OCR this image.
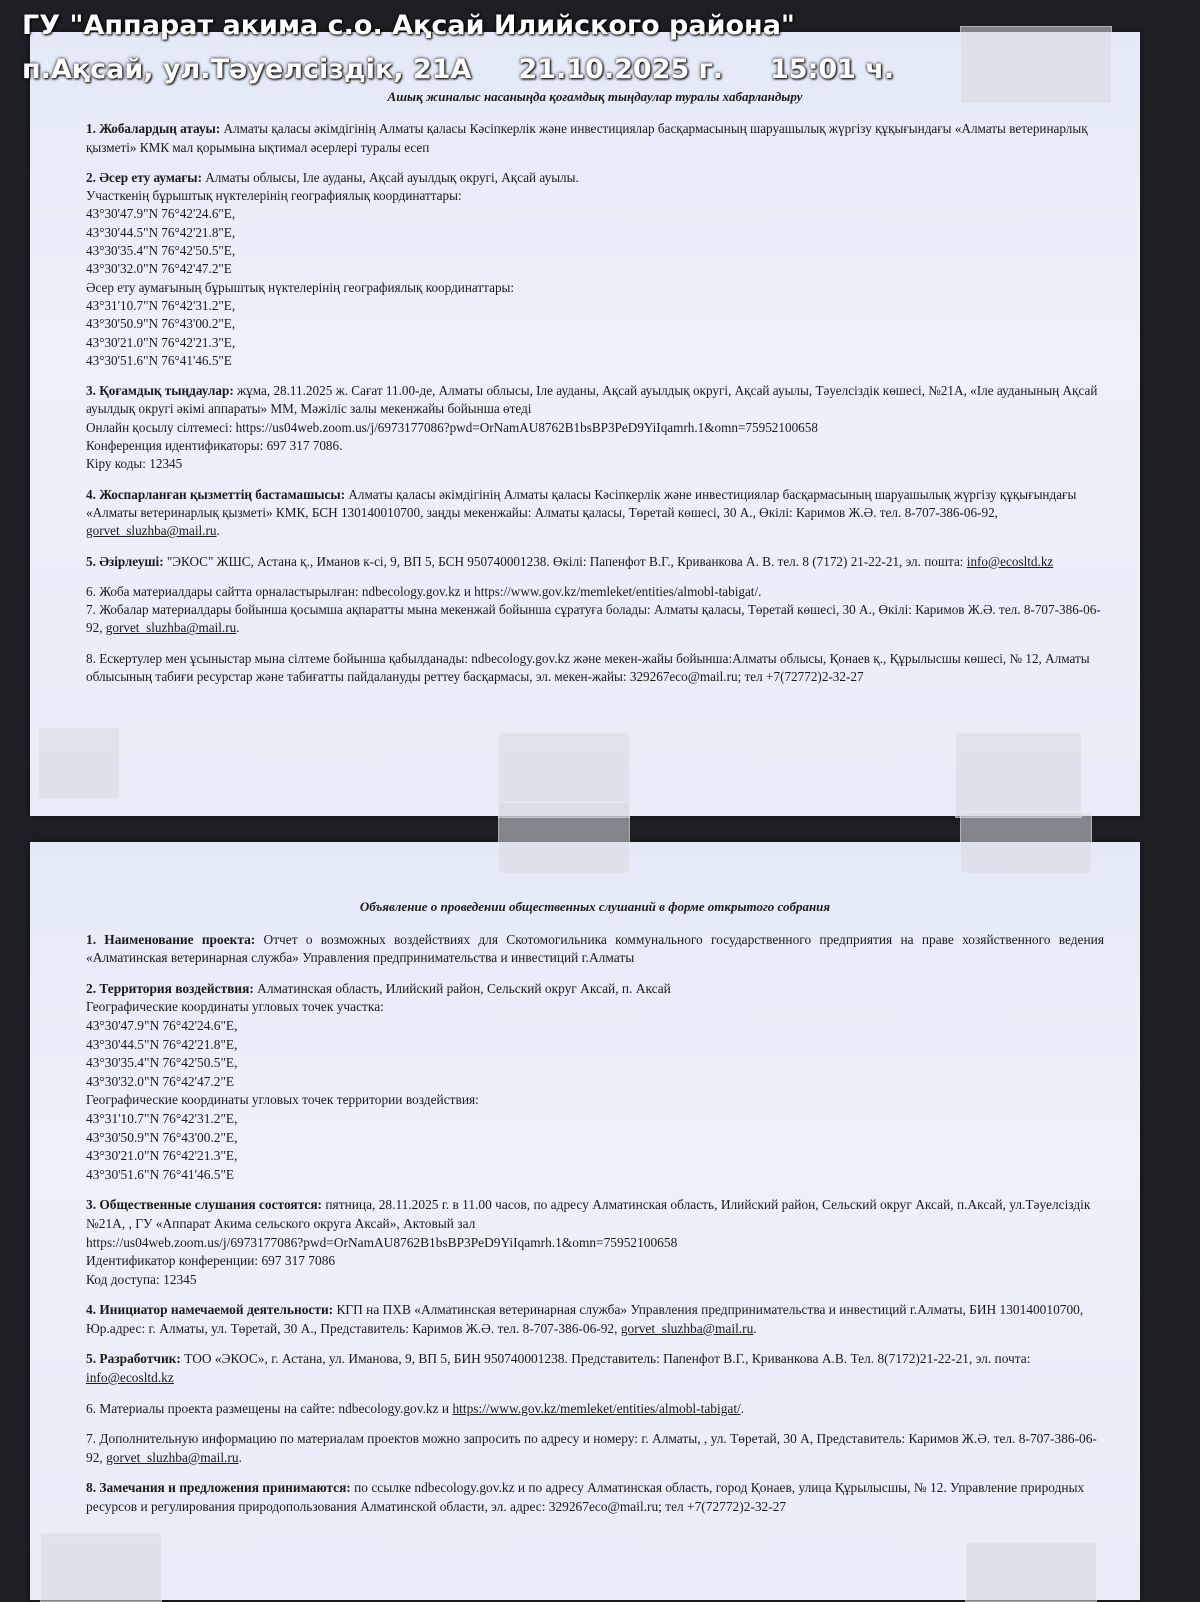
ГУ "Аппарат акима с.о. Ақсай Илийского района"
п.Ақсай, ул.Тәуелсіздік, 21А     21.10.2025 г.     15:01 ч.
Ашық жиналыс насаныңда қоғамдық тыңдаулар туралы хабарландыру

1. Жобалардың атауы: Алматы қаласы әкімдігінің Алматы қаласы Кәсіпкерлік және инвестициялар басқармасының шаруашылық жүргізу құқығындағы «Алматы ветеринарлық қызметі» КМК мал қорымына ықтимал әсерлері туралы есеп

2. Әсер ету аумағы: Алматы облысы, Іле ауданы, Ақсай ауылдық округі, Ақсай ауылы.

Участкенің бұрыштық нүктелерінің географиялық координаттары:

43°30'47.9"N 76°42'24.6"E,

43°30'44.5"N 76°42'21.8"E,

43°30'35.4"N 76°42'50.5"E,

43°30'32.0"N 76°42'47.2"E

Әсер ету аумағының бұрыштық нүктелерінің географиялық координаттары:

43°31'10.7"N 76°42'31.2"E,

43°30'50.9"N 76°43'00.2"E,

43°30'21.0"N 76°42'21.3"E,

43°30'51.6"N 76°41'46.5"E

3. Қоғамдық тыңдаулар: жұма, 28.11.2025 ж. Сағат 11.00-де, Алматы облысы, Іле ауданы, Ақсай ауылдық округі, Ақсай ауылы, Тәуелсіздік көшесі, №21А, «Іле ауданының Ақсай ауылдық округі әкімі аппараты» ММ, Мәжіліс залы мекенжайы бойынша өтеді

Онлайн қосылу сілтемесі: https://us04web.zoom.us/j/6973177086?pwd=OrNamAU8762B1bsBP3PeD9YiIqamrh.1&omn=75952100658

Конференция идентификаторы: 697 317 7086.

Кіру коды: 12345

4. Жоспарланған қызметтің бастамашысы: Алматы қаласы әкімдігінің Алматы қаласы Кәсіпкерлік және инвестициялар басқармасының шаруашылық жүргізу құқығындағы «Алматы ветеринарлық қызметі» КМК, БСН 130140010700, заңды мекенжайы: Алматы қаласы, Төретай көшесі, 30 А., Өкілі: Каримов Ж.Ә. тел. 8-707-386-06-92, gorvet_sluzhba@mail.ru.

5. Әзірлеуші: "ЭКОС" ЖШС, Астана қ., Иманов к-сі, 9, ВП 5, БСН 950740001238. Өкілі: Папенфот В.Г., Криванкова А. В. тел. 8 (7172) 21-22-21, эл. пошта: info@ecosltd.kz

6. Жоба материалдары сайтта орналастырылған: ndbecology.gov.kz и https://www.gov.kz/memleket/entities/almobl-tabigat/.

7. Жобалар материалдары бойынша қосымша ақпаратты мына мекенжай бойынша сұратуға болады: Алматы қаласы, Төретай көшесі, 30 А., Өкілі: Каримов Ж.Ә. тел. 8-707-386-06-92, gorvet_sluzhba@mail.ru.

8. Ескертулер мен ұсыныстар мына сілтеме бойынша қабылданады: ndbecology.gov.kz және мекен-жайы бойынша:Алматы облысы, Қонаев қ., Құрылысшы көшесі, № 12, Алматы облысының табиғи ресурстар және табиғатты пайдалануды реттеу басқармасы, эл. мекен-жайы: 329267eco@mail.ru; тел +7(72772)2-32-27

Объявление о проведении общественных слушаний в форме открытого собрания

1. Наименование проекта: Отчет о возможных воздействиях для Скотомогильника коммунального государственного предприятия на праве хозяйственного ведения «Алматинская ветеринарная служба» Управления предпринимательства и инвестиций г.Алматы

2. Территория воздействия: Алматинская область, Илийский район, Сельский округ Аксай, п. Аксай

Географические координаты угловых точек участка:

43°30'47.9"N 76°42'24.6"E,

43°30'44.5"N 76°42'21.8"E,

43°30'35.4"N 76°42'50.5"E,

43°30'32.0"N 76°42'47.2"E

Географические координаты угловых точек территории воздействия:

43°31'10.7"N 76°42'31.2"E,

43°30'50.9"N 76°43'00.2"E,

43°30'21.0"N 76°42'21.3"E,

43°30'51.6"N 76°41'46.5"E

3. Общественные слушания состоятся: пятница, 28.11.2025 г. в 11.00 часов, по адресу Алматинская область, Илийский район, Сельский округ Аксай, п.Аксай, ул.Тәуелсіздік №21А, , ГУ «Аппарат Акима сельского округа Аксай», Актовый зал

https://us04web.zoom.us/j/6973177086?pwd=OrNamAU8762B1bsBP3PeD9YiIqamrh.1&omn=75952100658

Идентификатор конференции: 697 317 7086

Код доступа: 12345

4. Инициатор намечаемой деятельности: КГП на ПХВ «Алматинская ветеринарная служба» Управления предпринимательства и инвестиций г.Алматы, БИН 130140010700, Юр.адрес: г. Алматы, ул. Төретай, 30 А., Представитель: Каримов Ж.Ә. тел. 8-707-386-06-92, gorvet_sluzhba@mail.ru.

5. Разработчик: ТОО «ЭКОС», г. Астана, ул. Иманова, 9, ВП 5, БИН 950740001238. Представитель: Папенфот В.Г., Криванкова А.В. Тел. 8(7172)21-22-21, эл. почта: info@ecosltd.kz

6. Материалы проекта размещены на сайте: ndbecology.gov.kz и https://www.gov.kz/memleket/entities/almobl-tabigat/.

7. Дополнительную информацию по материалам проектов можно запросить по адресу и номеру: г. Алматы, , ул. Төретай, 30 А, Представитель: Каримов Ж.Ә. тел. 8-707-386-06-92, gorvet_sluzhba@mail.ru.

8. Замечания и предложения принимаются: по ссылке ndbecology.gov.kz и по адресу Алматинская область, город Қонаев, улица Құрылысшы, № 12. Управление природных ресурсов и регулирования природопользования Алматинской области, эл. адрес: 329267eco@mail.ru; тел +7(72772)2-32-27
